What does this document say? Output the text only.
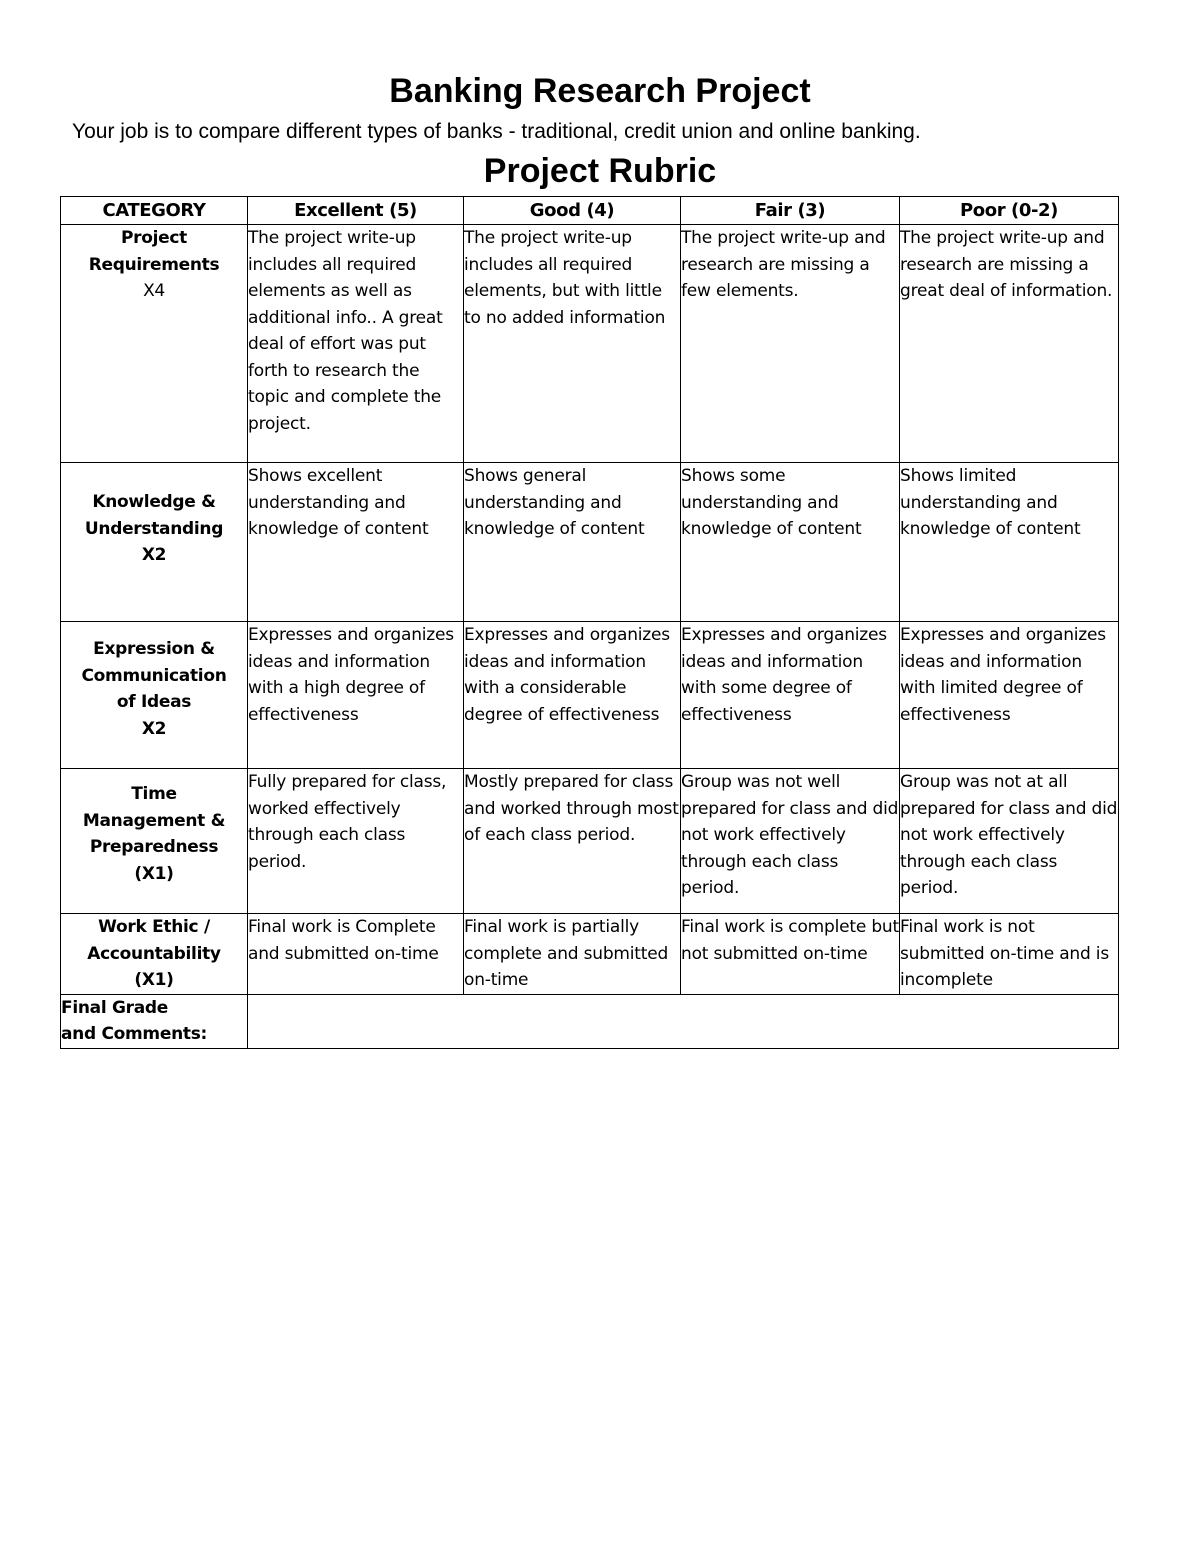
Banking Research Project

Your job is to compare different types of banks - traditional, credit union and online banking.

Project Rubric
CATEGORY	Excellent (5)	Good (4)	Fair (3)	Poor (0-2)

Project
Requirements
X4	The project write-up includes all required elements as well as additional info.. A great deal of effort was put forth to research the topic and complete the project.	The project write-up includes all required elements, but with little to no added information	The project write-up and research are missing a few elements.	The project write-up and research are missing a great deal of information.

Knowledge &
Understanding
X2	Shows excellent understanding and knowledge of content	Shows general understanding and knowledge of content	Shows some understanding and knowledge of content	Shows limited understanding and knowledge of content

Expression &
Communication
of Ideas
X2	Expresses and organizes ideas and information with a high degree of effectiveness	Expresses and organizes ideas and information with a considerable degree of effectiveness	Expresses and organizes ideas and information with some degree of effectiveness	Expresses and organizes ideas and information with limited degree of effectiveness

Time
Management &
Preparedness
(X1)	Fully prepared for class, worked effectively through each class period.	Mostly prepared for class and worked through most of each class period.	Group was not well prepared for class and did not work effectively through each class period.	Group was not at all prepared for class and did not work effectively through each class period.

Work Ethic /
Accountability
(X1)	Final work is Complete and submitted on-time	Final work is partially complete and submitted on-time	Final work is complete but not submitted on-time	Final work is not submitted on-time and is incomplete

Final Grade
and Comments:				
